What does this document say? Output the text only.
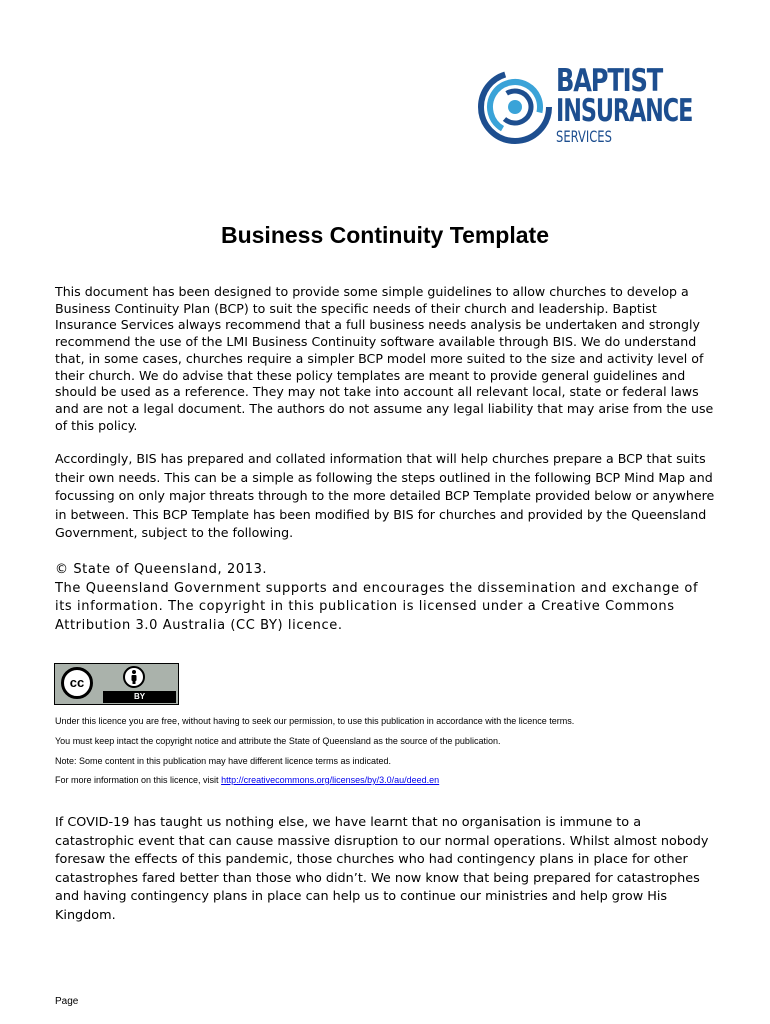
BAPTIST
INSURANCE
SERVICES
Business Continuity Template
This document has been designed to provide some simple guidelines to allow churches to develop a Business Continuity Plan (BCP) to suit the specific needs of their church and leadership. Baptist Insurance Services always recommend that a full business needs analysis be undertaken and strongly recommend the use of the LMI Business Continuity software available through BIS. We do understand that, in some cases, churches require a simpler BCP model more suited to the size and activity level of their church. We do advise that these policy templates are meant to provide general guidelines and should be used as a reference. They may not take into account all relevant local, state or federal laws and are not a legal document. The authors do not assume any legal liability that may arise from the use of this policy.
Accordingly, BIS has prepared and collated information that will help churches prepare a BCP that suits their own needs. This can be a simple as following the steps outlined in the following BCP Mind Map and focussing on only major threats through to the more detailed BCP Template provided below or anywhere in between. This BCP Template has been modified by BIS for churches and provided by the Queensland Government, subject to the following.
© State of Queensland, 2013.
The Queensland Government supports and encourages the dissemination and exchange of its information. The copyright in this publication is licensed under a Creative Commons Attribution 3.0 Australia (CC BY) licence.
cc
BY
Under this licence you are free, without having to seek our permission, to use this publication in accordance with the licence terms.
You must keep intact the copyright notice and attribute the State of Queensland as the source of the publication.
Note: Some content in this publication may have different licence terms as indicated.
For more information on this licence, visit http://creativecommons.org/licenses/by/3.0/au/deed.en
If COVID-19 has taught us nothing else, we have learnt that no organisation is immune to a catastrophic event that can cause massive disruption to our normal operations. Whilst almost nobody foresaw the effects of this pandemic, those churches who had contingency plans in place for other catastrophes fared better than those who didn’t. We now know that being prepared for catastrophes and having contingency plans in place can help us to continue our ministries and help grow His Kingdom.
Page
